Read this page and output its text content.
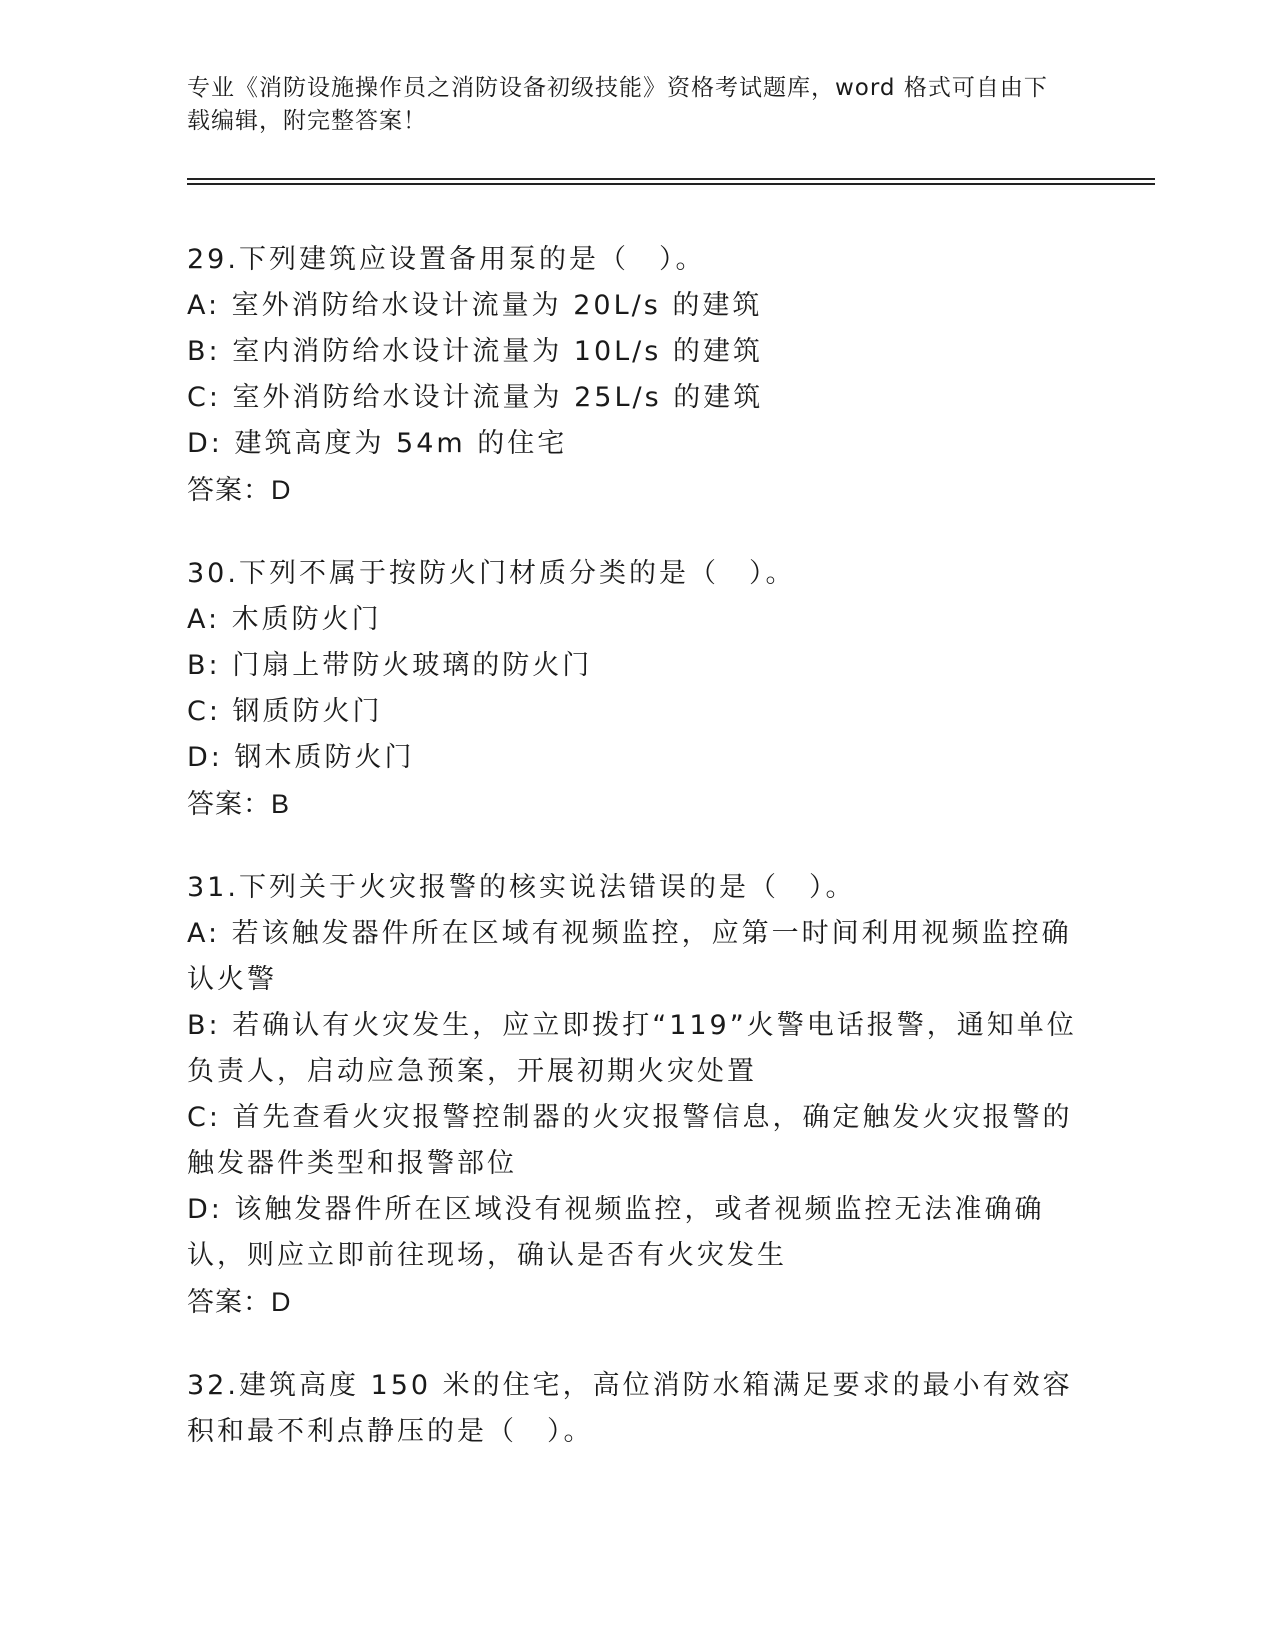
专业《消防设施操作员之消防设备初级技能》资格考试题库，word 格式可自由下载编辑，附完整答案！
29.下列建筑应设置备用泵的是（　）。
A: 室外消防给水设计流量为 20L/s 的建筑
B: 室内消防给水设计流量为 10L/s 的建筑
C: 室外消防给水设计流量为 25L/s 的建筑
D: 建筑高度为 54m 的住宅
答案：D
30.下列不属于按防火门材质分类的是（　）。
A: 木质防火门
B: 门扇上带防火玻璃的防火门
C: 钢质防火门
D: 钢木质防火门
答案：B
31.下列关于火灾报警的核实说法错误的是（　）。
A: 若该触发器件所在区域有视频监控，应第一时间利用视频监控确认火警
B: 若确认有火灾发生，应立即拨打“119”火警电话报警，通知单位负责人，启动应急预案，开展初期火灾处置
C: 首先查看火灾报警控制器的火灾报警信息，确定触发火灾报警的触发器件类型和报警部位
D: 该触发器件所在区域没有视频监控，或者视频监控无法准确确认，则应立即前往现场，确认是否有火灾发生
答案：D
32.建筑高度 150 米的住宅，高位消防水箱满足要求的最小有效容积和最不利点静压的是（　）。
